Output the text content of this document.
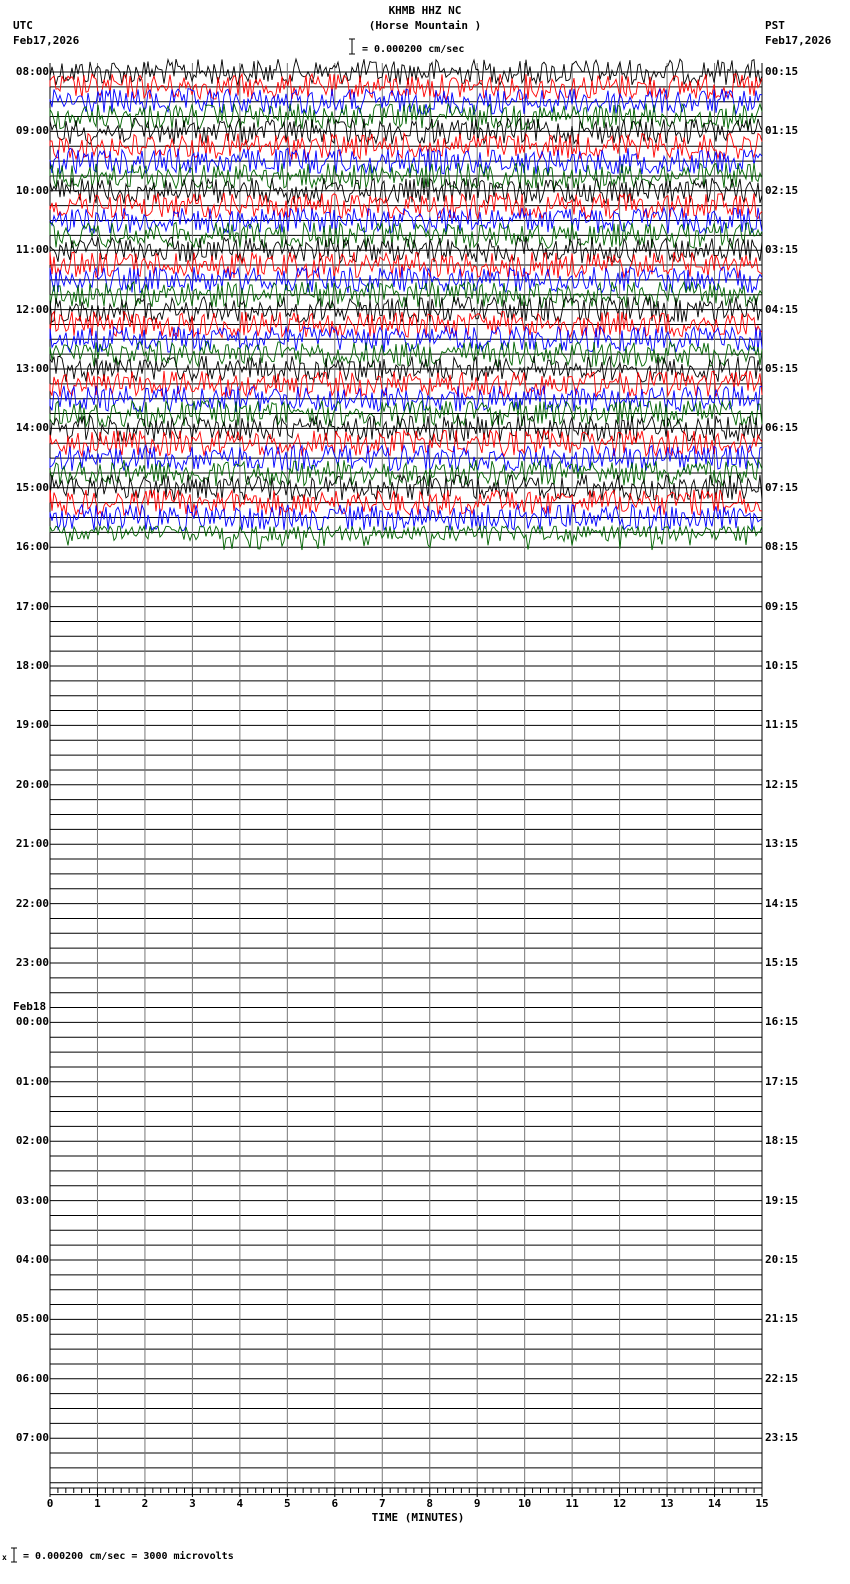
KHMB HHZ NC
(Horse Mountain )
= 0.000200 cm/sec
UTC
Feb17,2026
PST
Feb17,2026
08:00
09:00
10:00
11:00
12:00
13:00
14:00
15:00
16:00
17:00
18:00
19:00
20:00
21:00
22:00
23:00
00:00
01:00
02:00
03:00
04:00
05:00
06:00
07:00
00:15
01:15
02:15
03:15
04:15
05:15
06:15
07:15
08:15
09:15
10:15
11:15
12:15
13:15
14:15
15:15
16:15
17:15
18:15
19:15
20:15
21:15
22:15
23:15
Feb18
0	1	2	3	4	5	6	7	8	9	10	11	12	13	14	15
TIME (MINUTES)
x = 0.000200 cm/sec = 3000 microvolts
